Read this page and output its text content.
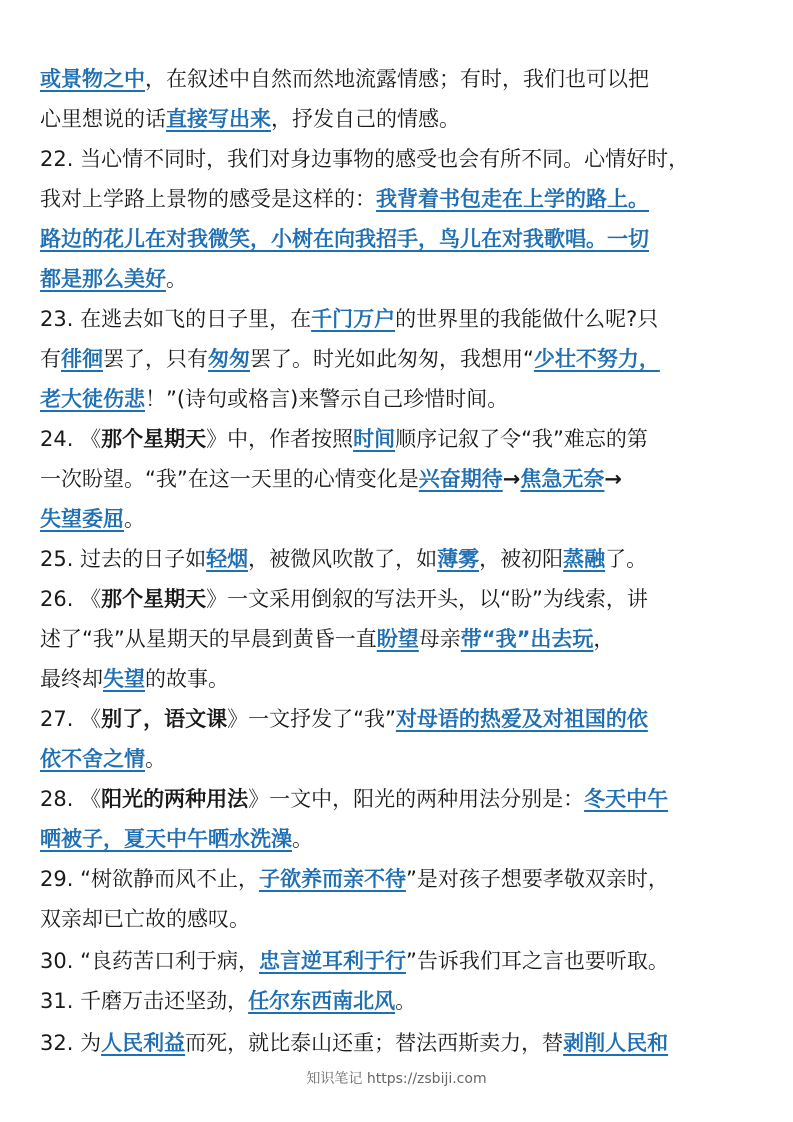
或景物之中，在叙述中自然而然地流露情感；有时，我们也可以把
心里想说的话直接写出来，抒发自己的情感。
22. 当心情不同时，我们对身边事物的感受也会有所不同。心情好时，
我对上学路上景物的感受是这样的：我背着书包走在上学的路上。
路边的花儿在对我微笑，小树在向我招手，鸟儿在对我歌唱。一切
都是那么美好。
23. 在逃去如飞的日子里，在千门万户的世界里的我能做什么呢?只
有徘徊罢了，只有匆匆罢了。时光如此匆匆，我想用“少壮不努力，
老大徒伤悲！”(诗句或格言)来警示自己珍惜时间。
24. 《那个星期天》中，作者按照时间顺序记叙了令“我”难忘的第
一次盼望。“我”在这一天里的心情变化是兴奋期待→焦急无奈→
失望委屈。
25. 过去的日子如轻烟，被微风吹散了，如薄雾，被初阳蒸融了。
26. 《那个星期天》一文采用倒叙的写法开头，以“盼”为线索，讲
述了“我”从星期天的早晨到黄昏一直盼望母亲带“我”出去玩，
最终却失望的故事。
27. 《别了，语文课》一文抒发了“我”对母语的热爱及对祖国的依
依不舍之情。
28. 《阳光的两种用法》一文中，阳光的两种用法分别是：冬天中午
晒被子，夏天中午晒水洗澡。
29. “树欲静而风不止，子欲养而亲不待”是对孩子想要孝敬双亲时，
双亲却已亡故的感叹。
30. “良药苦口利于病，忠言逆耳利于行”告诉我们耳之言也要听取。
31. 千磨万击还坚劲，任尔东西南北风。
32. 为人民利益而死，就比泰山还重；替法西斯卖力，替剥削人民和
知识笔记 https://zsbiji.com
